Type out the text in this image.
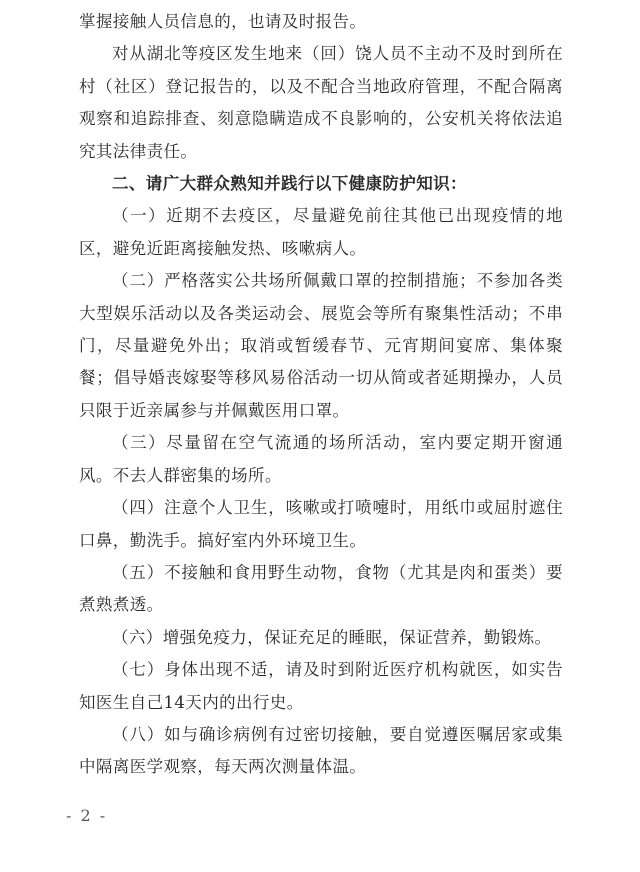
掌握接触人员信息的，也请及时报告。

对从湖北等疫区发生地来（回）饶人员不主动不及时到所在村（社区）登记报告的，以及不配合当地政府管理，不配合隔离观察和追踪排查、刻意隐瞒造成不良影响的，公安机关将依法追究其法律责任。

二、请广大群众熟知并践行以下健康防护知识：

（一）近期不去疫区，尽量避免前往其他已出现疫情的地区，避免近距离接触发热、咳嗽病人。

（二）严格落实公共场所佩戴口罩的控制措施；不参加各类大型娱乐活动以及各类运动会、展览会等所有聚集性活动；不串门，尽量避免外出；取消或暂缓春节、元宵期间宴席、集体聚餐；倡导婚丧嫁娶等移风易俗活动一切从简或者延期操办，人员只限于近亲属参与并佩戴医用口罩。

（三）尽量留在空气流通的场所活动，室内要定期开窗通风。不去人群密集的场所。

（四）注意个人卫生，咳嗽或打喷嚏时，用纸巾或屈肘遮住口鼻，勤洗手。搞好室内外环境卫生。

（五）不接触和食用野生动物，食物（尤其是肉和蛋类）要煮熟煮透。

（六）增强免疫力，保证充足的睡眠，保证营养，勤锻炼。

（七）身体出现不适，请及时到附近医疗机构就医，如实告知医生自己14天内的出行史。

（八）如与确诊病例有过密切接触，要自觉遵医嘱居家或集中隔离医学观察，每天两次测量体温。

- 2 -
